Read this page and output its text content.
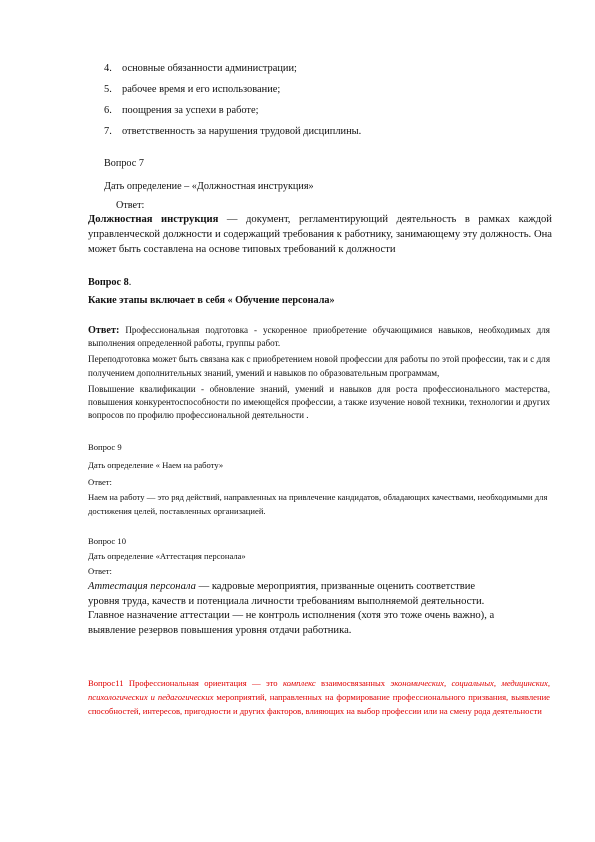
4. основные обязанности администрации;
5. рабочее время и его использование;
6. поощрения за успехи в работе;
7. ответственность за нарушения трудовой дисциплины.
Вопрос 7
Дать определение – «Должностная инструкция»
Ответ:
Должностная инструкция — документ, регламентирующий деятельность в рамках каждой управленческой должности и содержащий требования к работнику, занимающему эту должность. Она может быть составлена на основе типовых требований к должности
Вопрос 8.
Какие этапы включает в себя « Обучение персонала»
Ответ: Профессиональная подготовка - ускоренное приобретение обучающимися навыков, необходимых для выполнения определенной работы, группы работ.
Переподготовка может быть связана как с приобретением новой профессии для работы по этой профессии, так и с для получением дополнительных знаний, умений и навыков по образовательным программам,
Повышение квалификации - обновление знаний, умений и навыков для роста профессионального мастерства, повышения конкурентоспособности по имеющейся профессии, а также изучение новой техники, технологии и других вопросов по профилю профессиональной деятельности .
Вопрос 9
Дать определение « Наем на работу»
Ответ:
Наем на работу — это ряд действий, направленных на привлечение кандидатов, обладающих качествами, необходимыми для достижения целей, поставленных организацией.
Вопрос 10
Дать определение «Аттестация персонала»
Ответ:
Аттестация персонала — кадровые мероприятия, призванные оценить соответствие
уровня труда, качеств и потенциала личности требованиям выполняемой деятельности.
Главное назначение аттестации — не контроль исполнения (хотя это тоже очень важно), а
выявление резервов повышения уровня отдачи работника.
Вопрос11 Профессиональная ориентация — это комплекс взаимосвязанных экономических, социальных, медицинских, психологических и педагогических мероприятий, направленных на формирование профессионального призвания, выявление способностей, интересов, пригодности и других факторов, влияющих на выбор профессии или на смену рода деятельности
